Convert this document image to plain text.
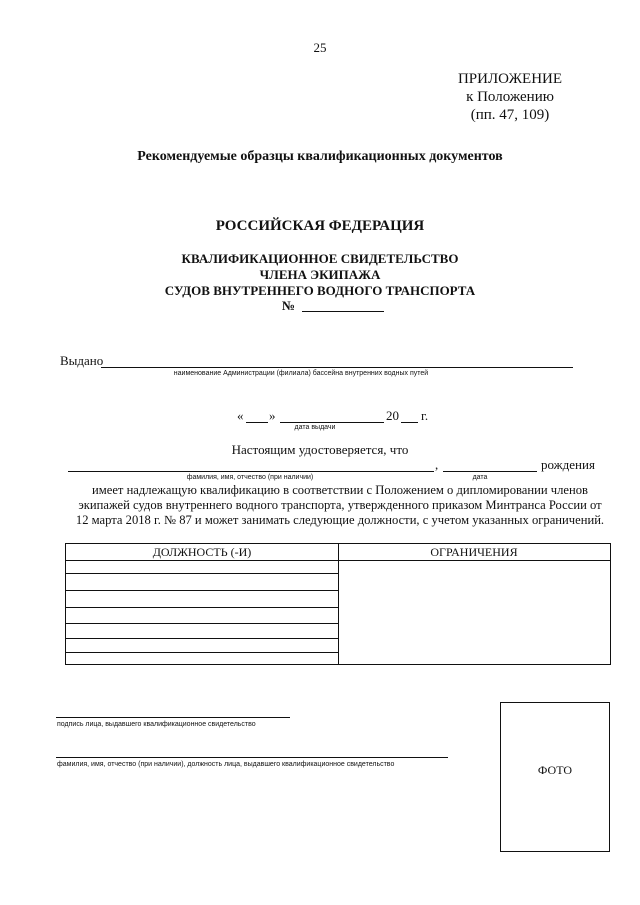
25
ПРИЛОЖЕНИЕ
к Положению
(пп. 47, 109)
Рекомендуемые образцы квалификационных документов
РОССИЙСКАЯ ФЕДЕРАЦИЯ
КВАЛИФИКАЦИОННОЕ СВИДЕТЕЛЬСТВО
ЧЛЕНА ЭКИПАЖА
СУДОВ ВНУТРЕННЕГО ВОДНОГО ТРАНСПОРТА
№
Выдано
наименование Администрации (филиала) бассейна внутренних водных путей
« »	20 г.
дата выдачи
Настоящим удостоверяется, что
,	рождения
фамилия, имя, отчество (при наличии)	дата
имеет надлежащую квалификацию в соответствии с Положением о дипломировании членов
экипажей судов внутреннего водного транспорта, утвержденного приказом Минтранса России от
12 марта 2018 г. № 87 и может занимать следующие должности, с учетом указанных ограничений.
ДОЛЖНОСТЬ (-И)	ОГРАНИЧЕНИЯ
подпись лица, выдавшего квалификационное свидетельство
фамилия, имя, отчество (при наличии), должность лица, выдавшего квалификационное свидетельство	ФОТО
